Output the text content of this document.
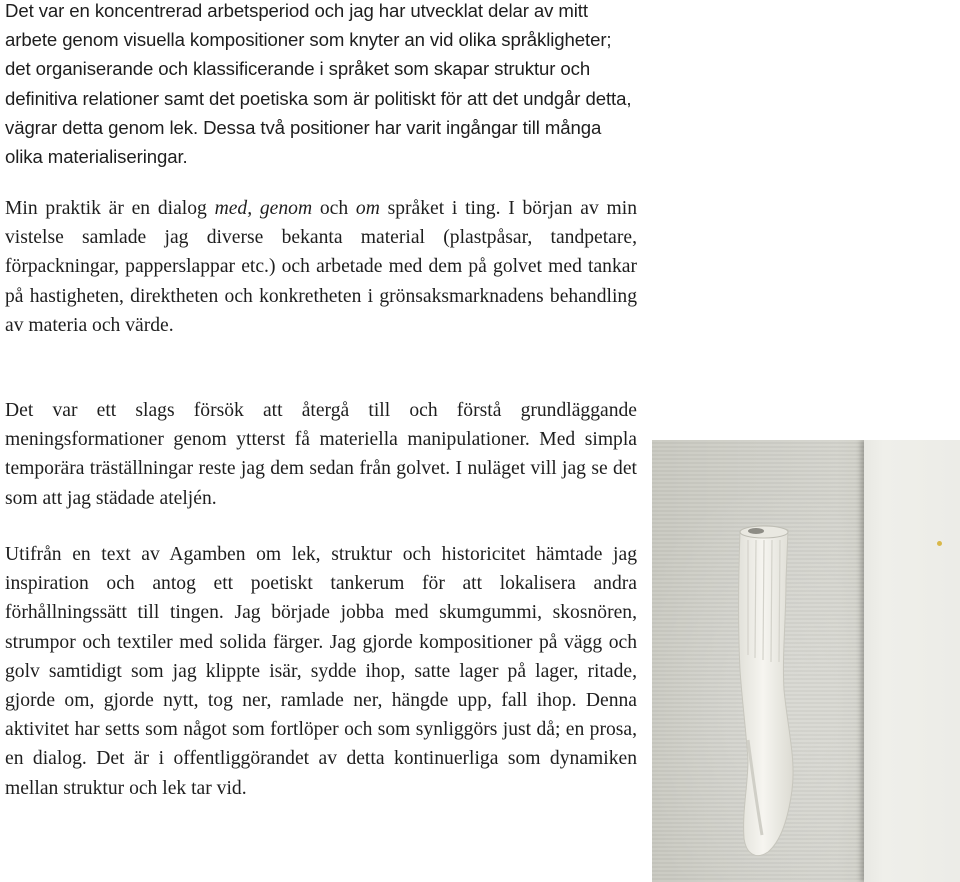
Det var en koncentrerad arbetsperiod och jag har utvecklat delar av mitt arbete genom visuella kompositioner som knyter an vid olika språkligheter; det organiserande och klassificerande i språket som skapar struktur och definitiva relationer samt det poetiska som är politiskt för att det undgår detta, vägrar detta genom lek. Dessa två positioner har varit ingångar till många olika materialiseringar.

Min praktik är en dialog med, genom och om språket i ting. I början av min vistelse samlade jag diverse bekanta material (plastpåsar, tandpetare, förpackningar, papperslappar etc.) och arbetade med dem på golvet med tankar på hastigheten, direktheten och konkretheten i grönsaksmarknadens behandling av materia och värde.

Det var ett slags försök att återgå till och förstå grundläggande meningsformationer genom ytterst få materiella manipulationer. Med simpla temporära träställningar reste jag dem sedan från golvet. I nuläget vill jag se det som att jag städade ateljén.

Utifrån en text av Agamben om lek, struktur och historicitet hämtade jag inspiration och antog ett poetiskt tankerum för att lokalisera andra förhållningssätt till tingen. Jag började jobba med skumgummi, skosnören, strumpor och textiler med solida färger. Jag gjorde kompositioner på vägg och golv samtidigt som jag klippte isär, sydde ihop, satte lager på lager, ritade, gjorde om, gjorde nytt, tog ner, ramlade ner, hängde upp, fall ihop. Denna aktivitet har setts som något som fortlöper och som synliggörs just då; en prosa, en dialog. Det är i offentliggörandet av detta kontinuerliga som dynamiken mellan struktur och lek tar vid.
